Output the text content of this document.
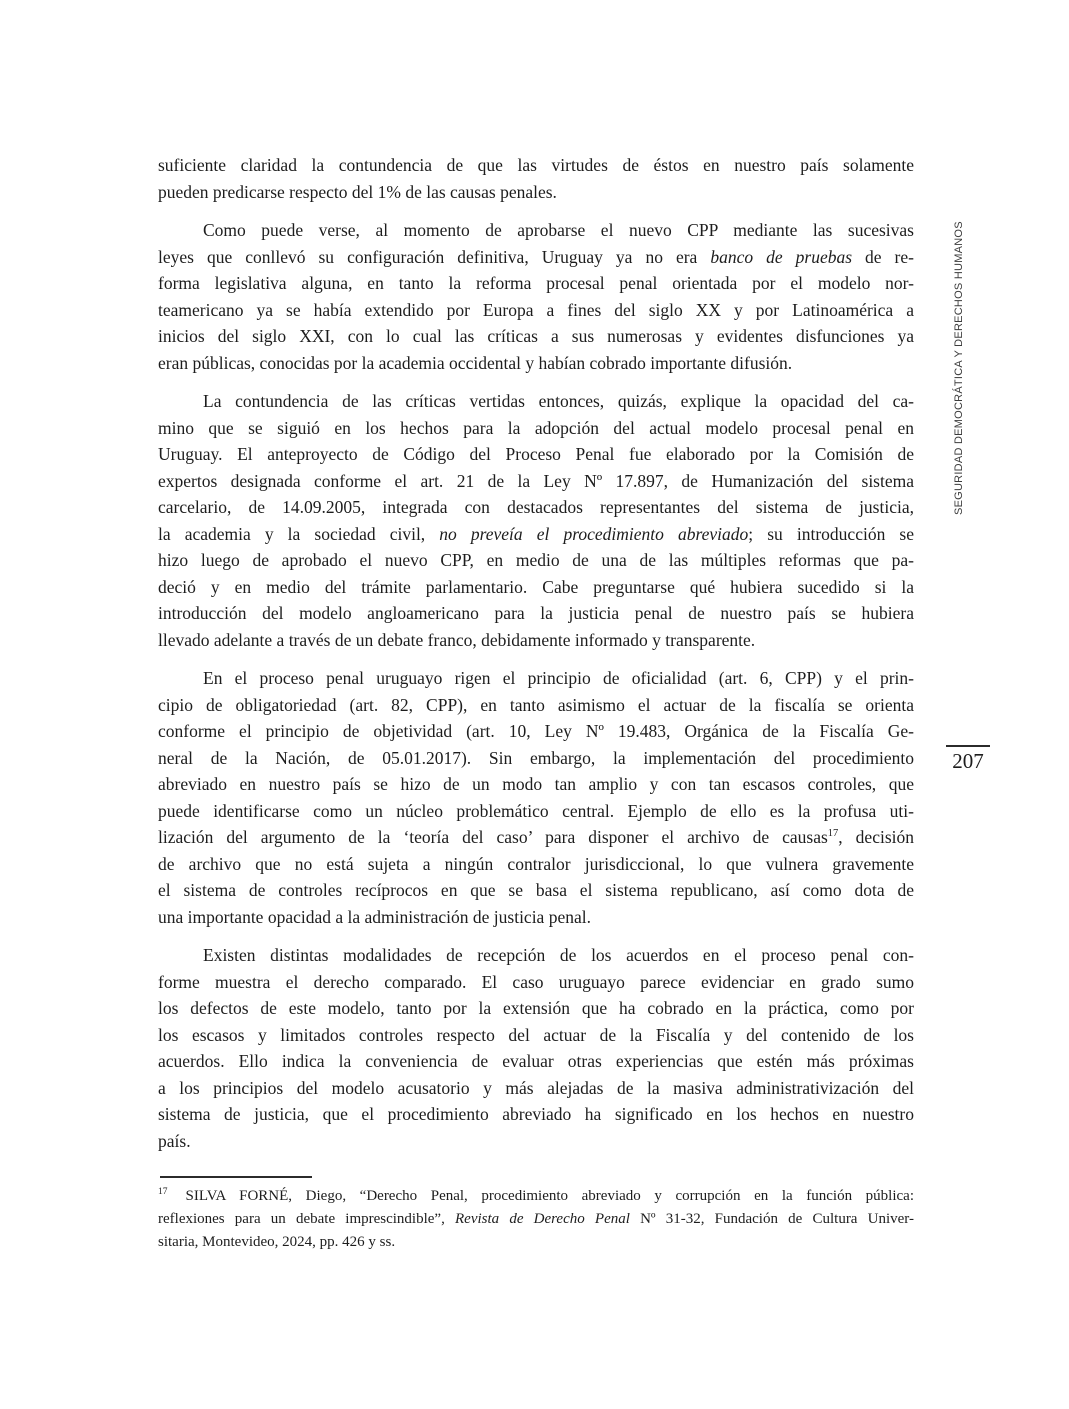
suficiente claridad la contundencia de que las virtudes de éstos en nuestro país solamente
pueden predicarse respecto del 1% de las causas penales.
Como puede verse, al momento de aprobarse el nuevo CPP mediante las sucesivas
leyes que conllevó su configuración definitiva, Uruguay ya no era banco de pruebas de re-
forma legislativa alguna, en tanto la reforma procesal penal orientada por el modelo nor-
teamericano ya se había extendido por Europa a fines del siglo XX y por Latinoamérica a
inicios del siglo XXI, con lo cual las críticas a sus numerosas y evidentes disfunciones ya
eran públicas, conocidas por la academia occidental y habían cobrado importante difusión.
La contundencia de las críticas vertidas entonces, quizás, explique la opacidad del ca-
mino que se siguió en los hechos para la adopción del actual modelo procesal penal en
Uruguay. El anteproyecto de Código del Proceso Penal fue elaborado por la Comisión de
expertos designada conforme el art. 21 de la Ley Nº 17.897, de Humanización del sistema
carcelario, de 14.09.2005, integrada con destacados representantes del sistema de justicia,
la academia y la sociedad civil, no preveía el procedimiento abreviado; su introducción se
hizo luego de aprobado el nuevo CPP, en medio de una de las múltiples reformas que pa-
deció y en medio del trámite parlamentario. Cabe preguntarse qué hubiera sucedido si la
introducción del modelo angloamericano para la justicia penal de nuestro país se hubiera
llevado adelante a través de un debate franco, debidamente informado y transparente.
En el proceso penal uruguayo rigen el principio de oficialidad (art. 6, CPP) y el prin-
cipio de obligatoriedad (art. 82, CPP), en tanto asimismo el actuar de la fiscalía se orienta
conforme el principio de objetividad (art. 10, Ley Nº 19.483, Orgánica de la Fiscalía Ge-
neral de la Nación, de 05.01.2017). Sin embargo, la implementación del procedimiento
abreviado en nuestro país se hizo de un modo tan amplio y con tan escasos controles, que
puede identificarse como un núcleo problemático central. Ejemplo de ello es la profusa uti-
lización del argumento de la ‘teoría del caso’ para disponer el archivo de causas$^{17}$, decisión
de archivo que no está sujeta a ningún contralor jurisdiccional, lo que vulnera gravemente
el sistema de controles recíprocos en que se basa el sistema republicano, así como dota de
una importante opacidad a la administración de justicia penal.
Existen distintas modalidades de recepción de los acuerdos en el proceso penal con-
forme muestra el derecho comparado. El caso uruguayo parece evidenciar en grado sumo
los defectos de este modelo, tanto por la extensión que ha cobrado en la práctica, como por
los escasos y limitados controles respecto del actuar de la Fiscalía y del contenido de los
acuerdos. Ello indica la conveniencia de evaluar otras experiencias que estén más próximas
a los principios del modelo acusatorio y más alejadas de la masiva administrativización del
sistema de justicia, que el procedimiento abreviado ha significado en los hechos en nuestro
país.
$^{17}$ SILVA FORNÉ, Diego, “Derecho Penal, procedimiento abreviado y corrupción en la función pública:
reflexiones para un debate imprescindible”, Revista de Derecho Penal Nº 31-32, Fundación de Cultura Univer-
sitaria, Montevideo, 2024, pp. 426 y ss.
SEGURIDAD DEMOCRÁTICA Y DERECHOS HUMANOS
207
